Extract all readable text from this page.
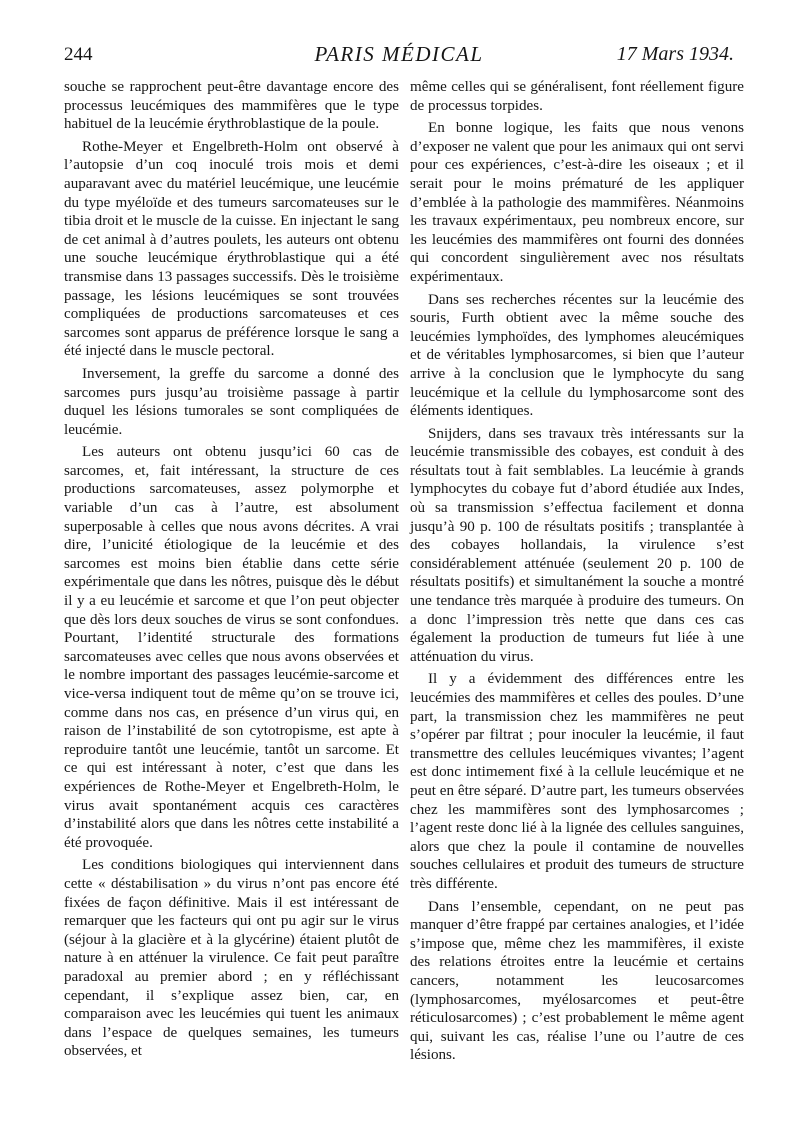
244	PARIS MÉDICAL	17 Mars 1934.

souche se rapprochent peut-être davantage encore des processus leucémiques des mammifères que le type habituel de la leucémie érythroblastique de la poule.

Rothe-Meyer et Engelbreth-Holm ont observé à l’autopsie d’un coq inoculé trois mois et demi auparavant avec du matériel leucémique, une leucémie du type myéloïde et des tumeurs sarcomateuses sur le tibia droit et le muscle de la cuisse. En injectant le sang de cet animal à d’autres poulets, les auteurs ont obtenu une souche leucémique érythroblastique qui a été transmise dans 13 passages successifs. Dès le troisième passage, les lésions leucémiques se sont trouvées compliquées de productions sarcomateuses et ces sarcomes sont apparus de préférence lorsque le sang a été injecté dans le muscle pectoral.

Inversement, la greffe du sarcome a donné des sarcomes purs jusqu’au troisième passage à partir duquel les lésions tumorales se sont compliquées de leucémie.

Les auteurs ont obtenu jusqu’ici 60 cas de sarcomes, et, fait intéressant, la structure de ces productions sarcomateuses, assez polymorphe et variable d’un cas à l’autre, est absolument superposable à celles que nous avons décrites. A vrai dire, l’unicité étiologique de la leucémie et des sarcomes est moins bien établie dans cette série expérimentale que dans les nôtres, puisque dès le début il y a eu leucémie et sarcome et que l’on peut objecter que dès lors deux souches de virus se sont confondues. Pourtant, l’identité structurale des formations sarcomateuses avec celles que nous avons observées et le nombre important des passages leucémie-sarcome et vice-versa indiquent tout de même qu’on se trouve ici, comme dans nos cas, en présence d’un virus qui, en raison de l’instabilité de son cytotropisme, est apte à reproduire tantôt une leucémie, tantôt un sarcome. Et ce qui est intéressant à noter, c’est que dans les expériences de Rothe-Meyer et Engelbreth-Holm, le virus avait spontanément acquis ces caractères d’instabilité alors que dans les nôtres cette instabilité a été provoquée.

Les conditions biologiques qui interviennent dans cette « déstabilisation » du virus n’ont pas encore été fixées de façon définitive. Mais il est intéressant de remarquer que les facteurs qui ont pu agir sur le virus (séjour à la glacière et à la glycérine) étaient plutôt de nature à en atténuer la virulence. Ce fait peut paraître paradoxal au premier abord ; en y réfléchissant cependant, il s’explique assez bien, car, en comparaison avec les leucémies qui tuent les animaux dans l’espace de quelques semaines, les tumeurs observées, et

même celles qui se généralisent, font réellement figure de processus torpides.

En bonne logique, les faits que nous venons d’exposer ne valent que pour les animaux qui ont servi pour ces expériences, c’est-à-dire les oiseaux ; et il serait pour le moins prématuré de les appliquer d’emblée à la pathologie des mammifères. Néanmoins les travaux expérimentaux, peu nombreux encore, sur les leucémies des mammifères ont fourni des données qui concordent singulièrement avec nos résultats expérimentaux.

Dans ses recherches récentes sur la leucémie des souris, Furth obtient avec la même souche des leucémies lymphoïdes, des lymphomes aleucémiques et de véritables lymphosarcomes, si bien que l’auteur arrive à la conclusion que le lymphocyte du sang leucémique et la cellule du lymphosarcome sont des éléments identiques.

Snijders, dans ses travaux très intéressants sur la leucémie transmissible des cobayes, est conduit à des résultats tout à fait semblables. La leucémie à grands lymphocytes du cobaye fut d’abord étudiée aux Indes, où sa transmission s’effectua facilement et donna jusqu’à 90 p. 100 de résultats positifs ; transplantée à des cobayes hollandais, la virulence s’est considérablement atténuée (seulement 20 p. 100 de résultats positifs) et simultanément la souche a montré une tendance très marquée à produire des tumeurs. On a donc l’impression très nette que dans ces cas également la production de tumeurs fut liée à une atténuation du virus.

Il y a évidemment des différences entre les leucémies des mammifères et celles des poules. D’une part, la transmission chez les mammifères ne peut s’opérer par filtrat ; pour inoculer la leucémie, il faut transmettre des cellules leucémiques vivantes; l’agent est donc intimement fixé à la cellule leucémique et ne peut en être séparé. D’autre part, les tumeurs observées chez les mammifères sont des lymphosarcomes ; l’agent reste donc lié à la lignée des cellules sanguines, alors que chez la poule il contamine de nouvelles souches cellulaires et produit des tumeurs de structure très différente.

Dans l’ensemble, cependant, on ne peut pas manquer d’être frappé par certaines analogies, et l’idée s’impose que, même chez les mammifères, il existe des relations étroites entre la leucémie et certains cancers, notamment les leucosarcomes (lymphosarcomes, myélosarcomes et peut-être réticulosarcomes) ; c’est probablement le même agent qui, suivant les cas, réalise l’une ou l’autre de ces lésions.
